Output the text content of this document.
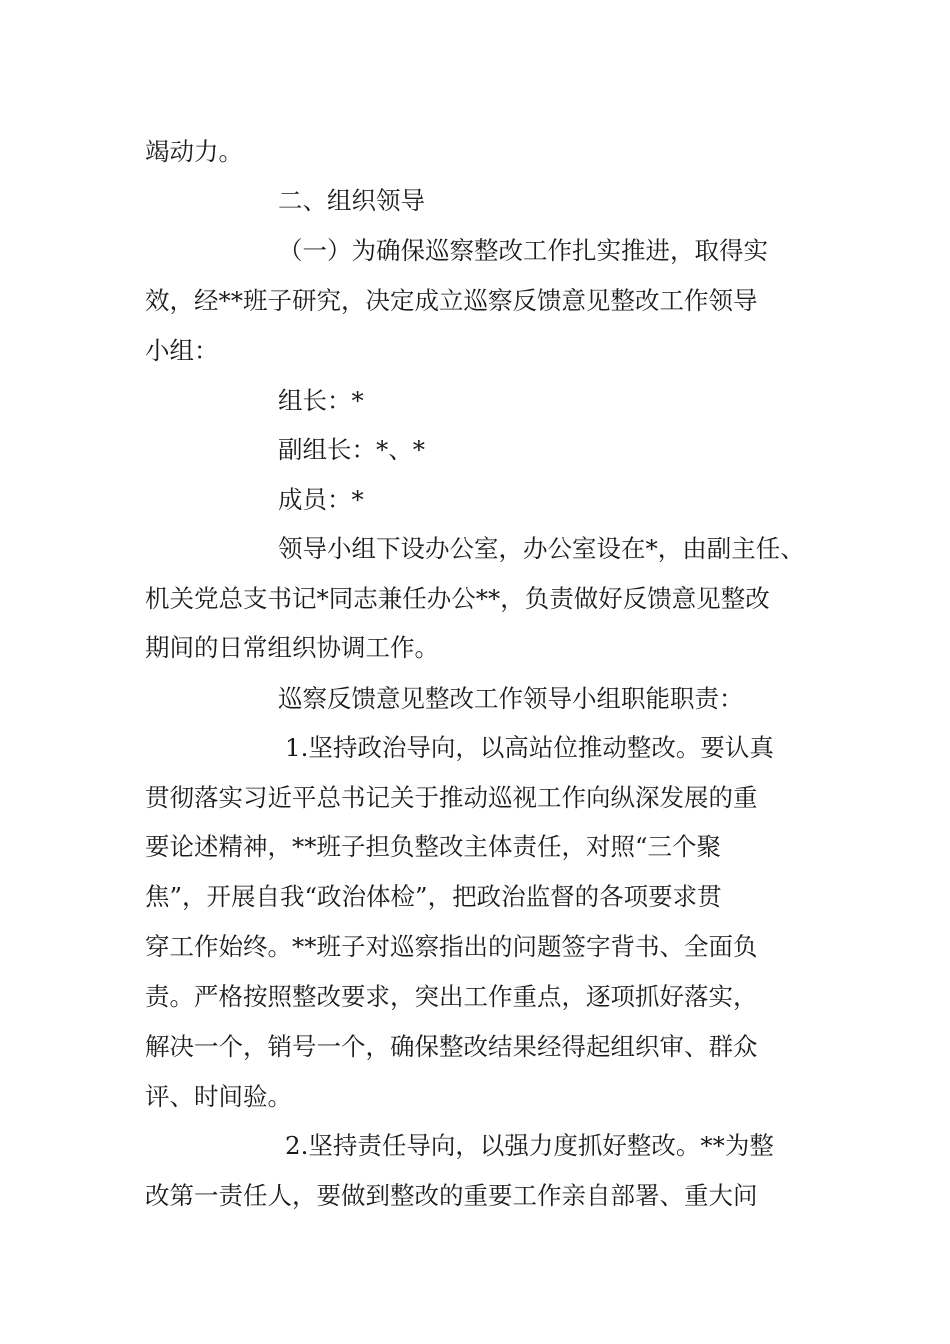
竭动力。
二、组织领导
（一）为确保巡察整改工作扎实推进，取得实
效，经**班子研究，决定成立巡察反馈意见整改工作领导
小组：
组长：*
副组长：*、*
成员：*
领导小组下设办公室，办公室设在*，由副主任、
机关党总支书记*同志兼任办公**，负责做好反馈意见整改
期间的日常组织协调工作。
巡察反馈意见整改工作领导小组职能职责：
1.坚持政治导向，以高站位推动整改。要认真
贯彻落实习近平总书记关于推动巡视工作向纵深发展的重
要论述精神，**班子担负整改主体责任，对照“三个聚
焦”，开展自我“政治体检”，把政治监督的各项要求贯
穿工作始终。**班子对巡察指出的问题签字背书、全面负
责。严格按照整改要求，突出工作重点，逐项抓好落实，
解决一个，销号一个，确保整改结果经得起组织审、群众
评、时间验。
2.坚持责任导向，以强力度抓好整改。**为整
改第一责任人，要做到整改的重要工作亲自部署、重大问
